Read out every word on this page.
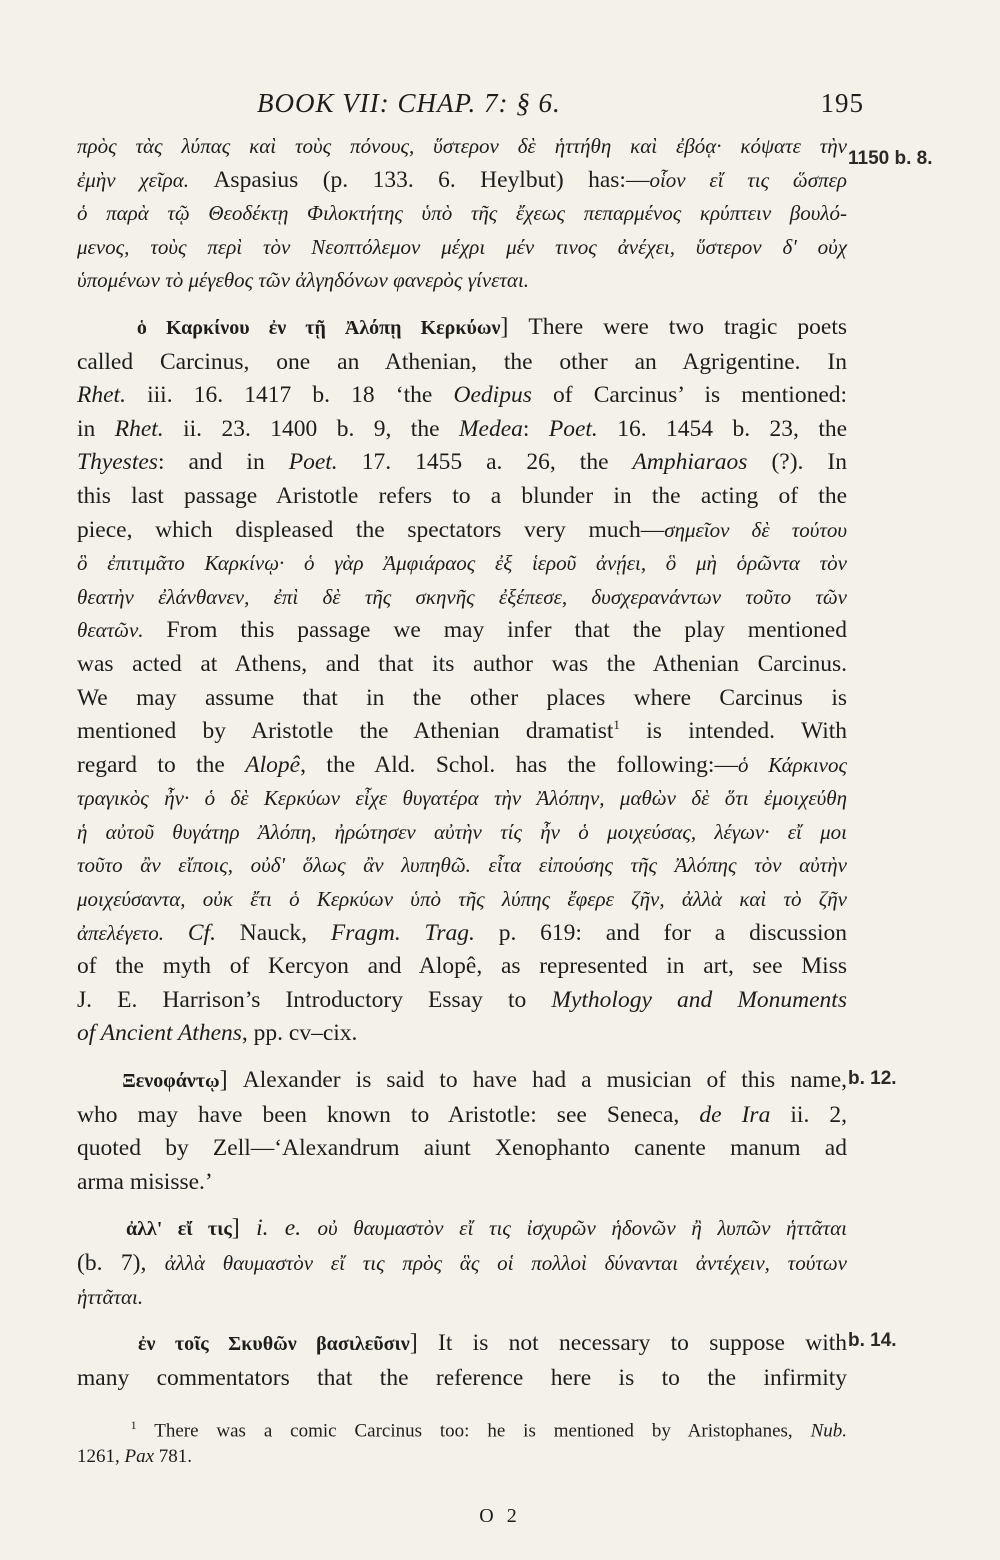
BOOK VII: CHAP. 7: § 6.	195
πρὸς τὰς λύπας καὶ τοὺς πόνους, ὕστερον δὲ ἡττήθη καὶ ἐβόᾳ· κόψατε τὴν
ἐμὴν χεῖρα. Aspasius (p. 133. 6. Heylbut) has:—οἷον εἴ τις ὥσπερ
ὁ παρὰ τῷ Θεοδέκτῃ Φιλοκτήτης ὑπὸ τῆς ἔχεως πεπαρμένος κρύπτειν βουλό-
μενος, τοὺς περὶ τὸν Νεοπτόλεμον μέχρι μέν τινος ἀνέχει, ὕστερον δ' οὐχ
ὑπομένων τὸ μέγεθος τῶν ἀλγηδόνων φανερὸς γίνεται.
ὁ Καρκίνου ἐν τῇ Ἀλόπῃ Κερκύων] There were two tragic poets
called Carcinus, one an Athenian, the other an Agrigentine. In
Rhet. iii. 16. 1417 b. 18 ‘the Oedipus of Carcinus’ is mentioned:
in Rhet. ii. 23. 1400 b. 9, the Medea: Poet. 16. 1454 b. 23, the
Thyestes: and in Poet. 17. 1455 a. 26, the Amphiaraos (?). In
this last passage Aristotle refers to a blunder in the acting of the
piece, which displeased the spectators very much—σημεῖον δὲ τούτου
ὃ ἐπιτιμᾶτο Καρκίνῳ· ὁ γὰρ Ἀμφιάραος ἐξ ἱεροῦ ἀνῄει, ὃ μὴ ὁρῶντα τὸν
θεατὴν ἐλάνθανεν, ἐπὶ δὲ τῆς σκηνῆς ἐξέπεσε, δυσχερανάντων τοῦτο τῶν
θεατῶν. From this passage we may infer that the play mentioned
was acted at Athens, and that its author was the Athenian Carcinus.
We may assume that in the other places where Carcinus is
mentioned by Aristotle the Athenian dramatist$^1$ is intended. With
regard to the Alopê, the Ald. Schol. has the following:—ὁ Κάρκινος
τραγικὸς ἦν· ὁ δὲ Κερκύων εἶχε θυγατέρα τὴν Ἀλόπην, μαθὼν δὲ ὅτι ἐμοιχεύθη
ἡ αὐτοῦ θυγάτηρ Ἀλόπη, ἠρώτησεν αὐτὴν τίς ἦν ὁ μοιχεύσας, λέγων· εἴ μοι
τοῦτο ἂν εἴποις, οὐδ' ὅλως ἂν λυπηθῶ. εἶτα εἰπούσης τῆς Ἀλόπης τὸν αὐτὴν
μοιχεύσαντα, οὐκ ἔτι ὁ Κερκύων ὑπὸ τῆς λύπης ἔφερε ζῆν, ἀλλὰ καὶ τὸ ζῆν
ἀπελέγετο. Cf. Nauck, Fragm. Trag. p. 619: and for a discussion
of the myth of Kercyon and Alopê, as represented in art, see Miss
J. E. Harrison’s Introductory Essay to Mythology and Monuments
of Ancient Athens, pp. cv–cix.
Ξενοφάντῳ] Alexander is said to have had a musician of this name,
who may have been known to Aristotle: see Seneca, de Ira ii. 2,
quoted by Zell—‘Alexandrum aiunt Xenophanto canente manum ad
arma misisse.’
ἀλλ' εἴ τις] i. e. οὐ θαυμαστὸν εἴ τις ἰσχυρῶν ἡδονῶν ἢ λυπῶν ἡττᾶται
(b. 7), ἀλλὰ θαυμαστὸν εἴ τις πρὸς ἃς οἱ πολλοὶ δύνανται ἀντέχειν, τούτων
ἡττᾶται.
ἐν τοῖς Σκυθῶν βασιλεῦσιν] It is not necessary to suppose with
many commentators that the reference here is to the infirmity
1150 b. 8.
b. 12.
b. 14.
$^1$ There was a comic Carcinus too: he is mentioned by Aristophanes, Nub.
1261, Pax 781.
O 2
